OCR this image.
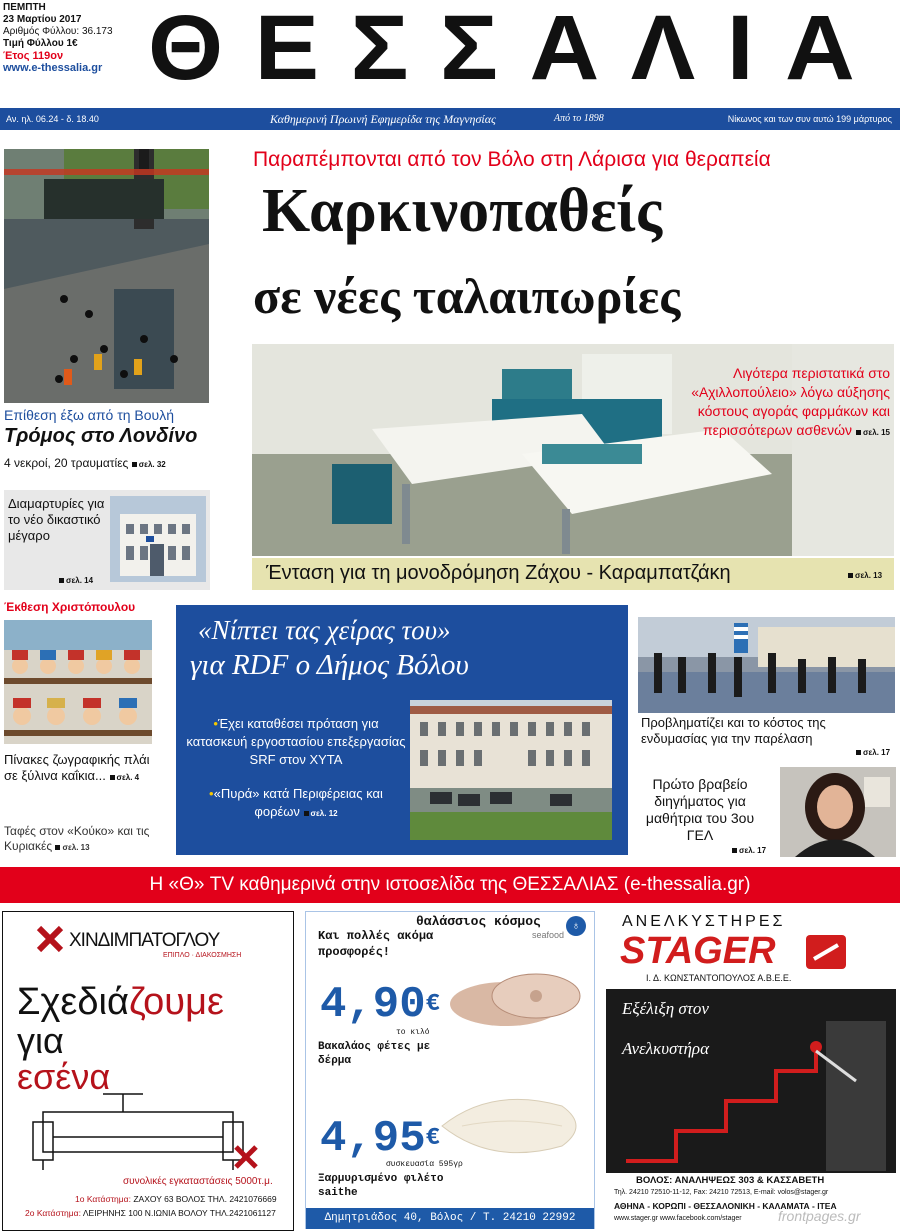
ΠΕΜΠΤΗ
23 Μαρτίου 2017
Αριθμός Φύλλου: 36.173
Τιμή Φύλλου 1€
Έτος 119ον
www.e-thessalia.gr ΘΕΣΣΑΛΙΑ
Αν. ηλ. 06.24 - δ. 18.40	Καθημερινή Πρωινή Εφημερίδα της Μαγνησίας	Από το 1898	Νίκωνος και των συν αυτώ 199 μάρτυρος
Επίθεση έξω από τη Βουλή
Τρόμος στο Λονδίνο
4 νεκροί, 20 τραυματίες σελ. 32
Διαμαρτυρίες για το νέο δικαστικό μέγαρο
σελ. 14
Έκθεση Χριστόπουλου
Πίνακες ζωγραφικής πλάι σε ξύλινα καΐκια... σελ. 4
Ταφές στον «Κούκο» και τις Κυριακές σελ. 13
Παραπέμπονται από τον Βόλο στη Λάρισα για θεραπεία
Καρκινοπαθείς
σε νέες ταλαιπωρίες
Λιγότερα περιστατικά στο «Αχιλλοπούλειο» λόγω αύξησης κόστους αγοράς φαρμάκων και περισσότερων ασθενών σελ. 15
Ένταση για τη μονοδρόμηση Ζάχου - Καραμπατζάκη	σελ. 13
«Νίπτει τας χείρας του»
για RDF ο Δήμος Βόλου
•Έχει καταθέσει πρόταση για κατασκευή εργοστασίου επεξεργασίας SRF στον ΧΥΤΑ
•«Πυρά» κατά Περιφέρειας και φορέων σελ. 12
Προβληματίζει και το κόστος της ενδυμασίας για την παρέλαση
σελ. 17
Πρώτο βραβείο διηγήματος για μαθήτρια του 3ου ΓΕΛ
σελ. 17
Η «Θ» TV καθημερινά στην ιστοσελίδα της ΘΕΣΣΑΛΙΑΣ (e-thessalia.gr)
ΧΙΝΔΙΜΠΑΤΟΓΛΟΥ
ΕΠΙΠΛΟ · ΔΙΑΚΟΣΜΗΣΗ
Σχεδιάζουμε
για
εσένα
συνολικές εγκαταστάσεις 5000τ.μ.
1ο Κατάστημα: ΖΑΧΟΥ 63 ΒΟΛΟΣ ΤΗΛ. 2421076669
2ο Κατάστημα: ΛΕΙΡΗΝΗΣ 100 Ν.ΙΩΝΙΑ ΒΟΛΟΥ ΤΗΛ.2421061127
θαλάσσιος κόσμος
seafood
♁
Και πολλές ακόμα προσφορές!
4,90€
το κιλό
Βακαλάος φέτες με δέρμα
4,95€
συσκευασία 595γρ
Ξαρμυρισμένο φιλέτο saithe
Δημητριάδος 40, Βόλος / Τ. 24210 22992
ΑΝΕΛΚΥΣΤΗΡΕΣ
STAGER
Ι. Δ. ΚΩΝΣΤΑΝΤΟΠΟΥΛΟΣ Α.Β.Ε.Ε.
Εξέλιξη στον
Ανελκυστήρα
ΒΟΛΟΣ: ΑΝΑΛΗΨΕΩΣ 303 & ΚΑΣΣΑΒΕΤΗ
Τηλ. 24210 72510-11-12, Fax: 24210 72513, E-mail: volos@stager.gr
ΑΘΗΝΑ - ΚΟΡΩΠΙ - ΘΕΣΣΑΛΟΝΙΚΗ - ΚΑΛΑΜΑΤΑ - ΙΤΕΑ
www.stager.gr www.facebook.com/stager	frontpages.gr
